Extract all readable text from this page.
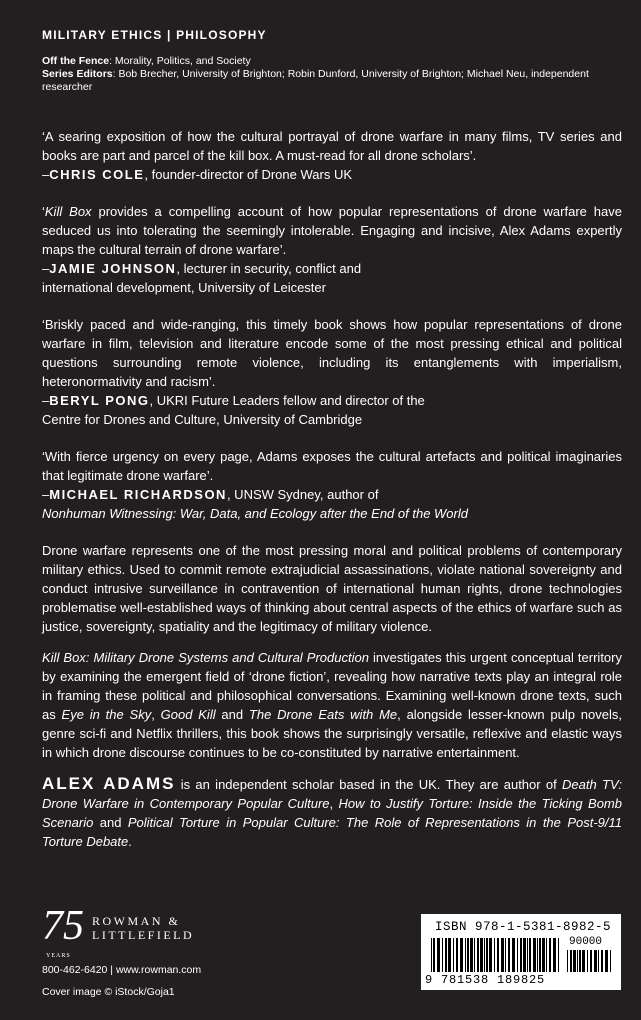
MILITARY ETHICS | PHILOSOPHY
Off the Fence: Morality, Politics, and Society
Series Editors: Bob Brecher, University of Brighton; Robin Dunford, University of Brighton; Michael Neu, independent researcher

‘A searing exposition of how the cultural portrayal of drone warfare in many films, TV series and books are part and parcel of the kill box. A must-read for all drone scholars’.

–CHRIS COLE, founder-director of Drone Wars UK

‘Kill Box provides a compelling account of how popular representations of drone warfare have seduced us into tolerating the seemingly intolerable. Engaging and incisive, Alex Adams expertly maps the cultural terrain of drone warfare’.

–JAMIE JOHNSON, lecturer in security, conflict and
international development, University of Leicester

‘Briskly paced and wide-ranging, this timely book shows how popular representations of drone warfare in film, television and literature encode some of the most pressing ethical and political questions surrounding remote violence, including its entanglements with imperialism, heteronormativity and racism’.

–BERYL PONG, UKRI Future Leaders fellow and director of the
Centre for Drones and Culture, University of Cambridge

‘With fierce urgency on every page, Adams exposes the cultural artefacts and political imaginaries that legitimate drone warfare’.

–MICHAEL RICHARDSON, UNSW Sydney, author of
Nonhuman Witnessing: War, Data, and Ecology after the End of the World

Drone warfare represents one of the most pressing moral and political problems of contemporary military ethics. Used to commit remote extrajudicial assassinations, violate national sovereignty and conduct intrusive surveillance in contravention of international human rights, drone technologies problematise well-established ways of thinking about central aspects of the ethics of warfare such as justice, sovereignty, spatiality and the legitimacy of military violence.

Kill Box: Military Drone Systems and Cultural Production investigates this urgent conceptual territory by examining the emergent field of ‘drone fiction’, revealing how narrative texts play an integral role in framing these political and philosophical conversations. Examining well-known drone texts, such as Eye in the Sky, Good Kill and The Drone Eats with Me, alongside lesser-known pulp novels, genre sci-fi and Netflix thrillers, this book shows the surprisingly versatile, reflexive and elastic ways in which drone discourse continues to be co-constituted by narrative entertainment.

ALEX ADAMS is an independent scholar based in the UK. They are author of Death TV: Drone Warfare in Contemporary Popular Culture, How to Justify Torture: Inside the Ticking Bomb Scenario and Political Torture in Popular Culture: The Role of Representations in the Post-9/11 Torture Debate.

75
YEARS
ROWMAN &
LITTLEFIELD
800-462-6420 | www.rowman.com
Cover image © iStock/Goja1
ISBN 978-1-5381-8982-5
90000
9 781538 189825
